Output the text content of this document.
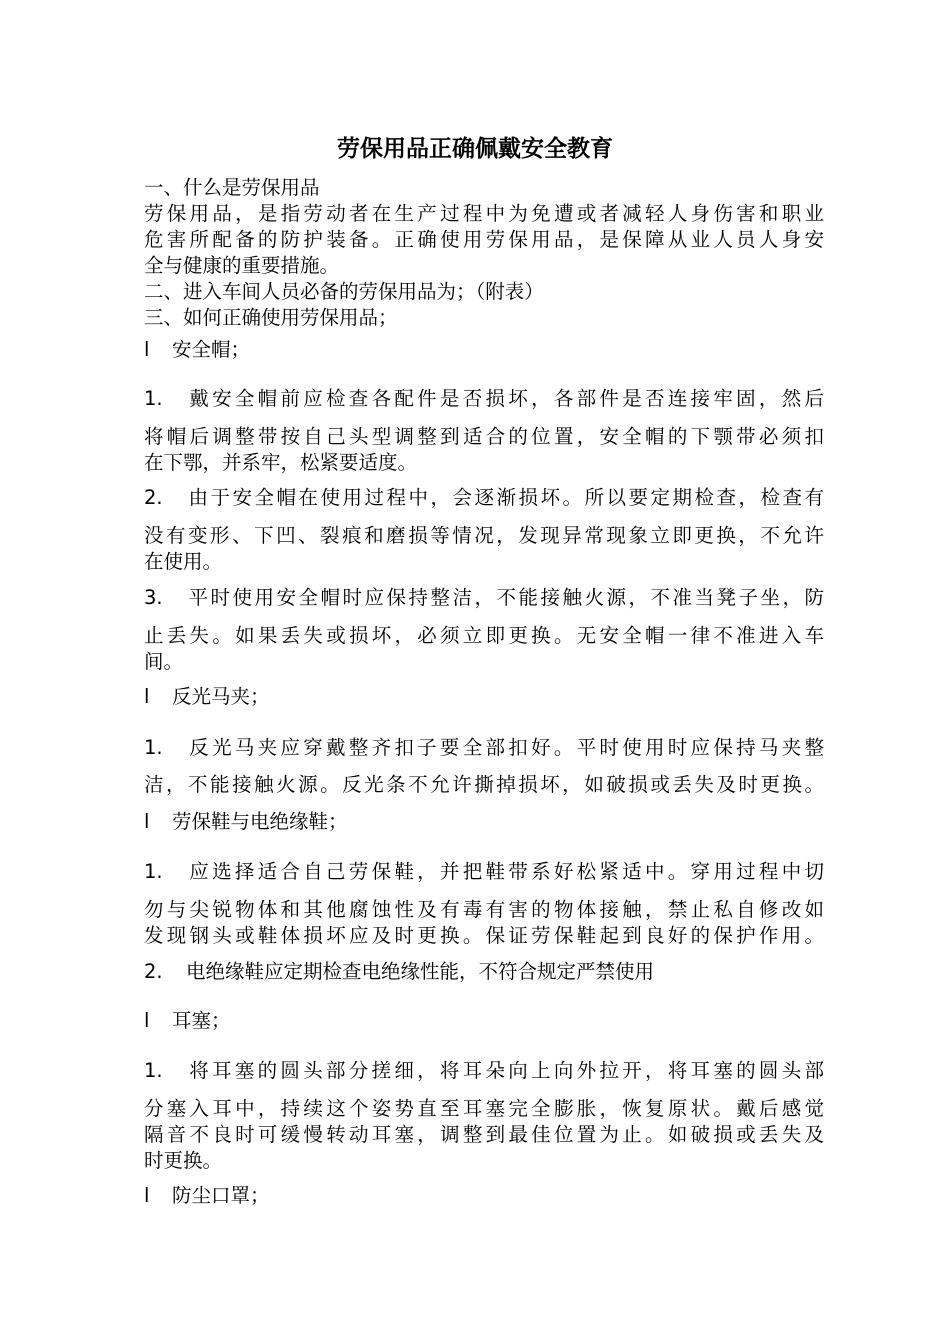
劳保用品正确佩戴安全教育
一、什么是劳保用品
劳保用品，是指劳动者在生产过程中为免遭或者减轻人身伤害和职业
危害所配备的防护装备。正确使用劳保用品，是保障从业人员人身安
全与健康的重要措施。
二、进入车间人员必备的劳保用品为；（附表）
三、如何正确使用劳保用品；
l 安全帽；
1. 戴安全帽前应检查各配件是否损坏，各部件是否连接牢固，然后
将帽后调整带按自己头型调整到适合的位置，安全帽的下颚带必须扣
在下鄂，并系牢，松紧要适度。
2. 由于安全帽在使用过程中，会逐渐损坏。所以要定期检查，检查有
没有变形、下凹、裂痕和磨损等情况，发现异常现象立即更换，不允许
在使用。
3. 平时使用安全帽时应保持整洁，不能接触火源，不准当凳子坐，防
止丢失。如果丢失或损坏，必须立即更换。无安全帽一律不准进入车
间。
l 反光马夹；
1. 反光马夹应穿戴整齐扣子要全部扣好。平时使用时应保持马夹整
洁，不能接触火源。反光条不允许撕掉损坏，如破损或丢失及时更换。
l 劳保鞋与电绝缘鞋；
1. 应选择适合自己劳保鞋，并把鞋带系好松紧适中。穿用过程中切
勿与尖锐物体和其他腐蚀性及有毒有害的物体接触，禁止私自修改如
发现钢头或鞋体损坏应及时更换。保证劳保鞋起到良好的保护作用。
2. 电绝缘鞋应定期检查电绝缘性能，不符合规定严禁使用
l 耳塞；
1. 将耳塞的圆头部分搓细，将耳朵向上向外拉开，将耳塞的圆头部
分塞入耳中，持续这个姿势直至耳塞完全膨胀，恢复原状。戴后感觉
隔音不良时可缓慢转动耳塞，调整到最佳位置为止。如破损或丢失及
时更换。
l 防尘口罩；
